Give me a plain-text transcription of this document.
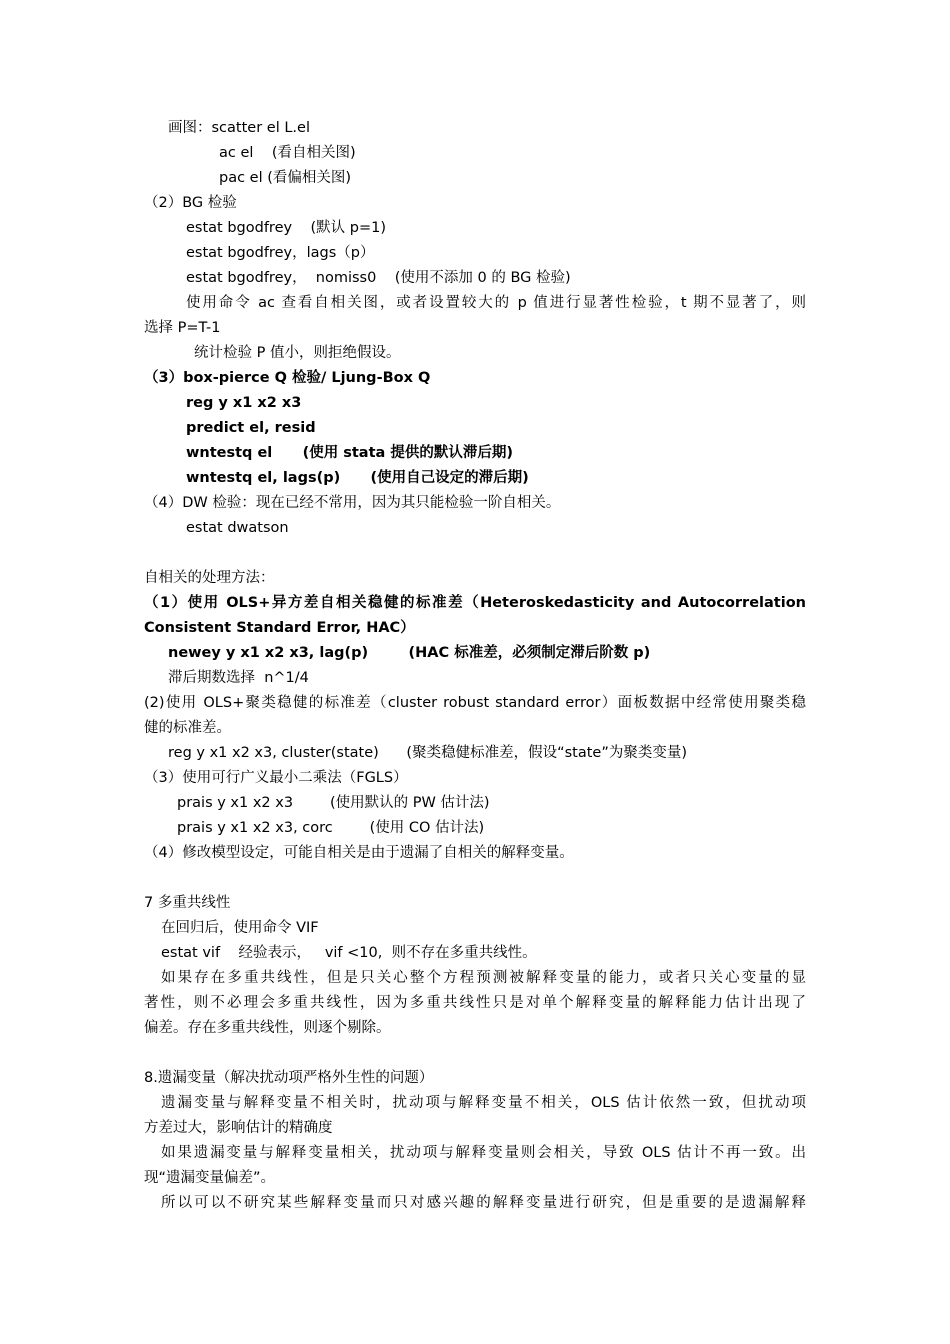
画图：scatter el L.el
ac el    (看自相关图)
pac el (看偏相关图)
（2）BG 检验
estat bgodfrey    (默认 p=1)
estat bgodfrey，lags（p）
estat bgodfrey，  nomiss0    (使用不添加 0 的 BG 检验)
使用命令 ac 查看自相关图，或者设置较大的 p 值进行显著性检验，t 期不显著了，则
选择 P=T-1
统计检验 P 值小，则拒绝假设。
（3）box-pierce Q 检验/ Ljung-Box Q
reg y x1 x2 x3
predict el, resid
wntestq el      (使用 stata 提供的默认滞后期)
wntestq el, lags(p)      (使用自己设定的滞后期)
（4）DW 检验：现在已经不常用，因为其只能检验一阶自相关。
estat dwatson
自相关的处理方法：
（1）使用 OLS+异方差自相关稳健的标准差（Heteroskedasticity and Autocorrelation
Consistent Standard Error, HAC）
newey y x1 x2 x3, lag(p)        (HAC 标准差，必须制定滞后阶数 p)
滞后期数选择  n^1/4
(2)使用 OLS+聚类稳健的标准差（cluster robust standard error）面板数据中经常使用聚类稳
健的标准差。
reg y x1 x2 x3, cluster(state)      (聚类稳健标准差，假设“state”为聚类变量)
（3）使用可行广义最小二乘法（FGLS）
prais y x1 x2 x3        (使用默认的 PW 估计法)
prais y x1 x2 x3, corc        (使用 CO 估计法)
（4）修改模型设定，可能自相关是由于遗漏了自相关的解释变量。
7 多重共线性
在回归后，使用命令 VIF
estat vif    经验表示，   vif <10,  则不存在多重共线性。
如果存在多重共线性，但是只关心整个方程预测被解释变量的能力，或者只关心变量的显
著性，则不必理会多重共线性，因为多重共线性只是对单个解释变量的解释能力估计出现了
偏差。存在多重共线性，则逐个剔除。
8.遗漏变量（解决扰动项严格外生性的问题）
遗漏变量与解释变量不相关时，扰动项与解释变量不相关，OLS 估计依然一致，但扰动项
方差过大，影响估计的精确度
如果遗漏变量与解释变量相关，扰动项与解释变量则会相关，导致 OLS 估计不再一致。出
现“遗漏变量偏差”。
所以可以不研究某些解释变量而只对感兴趣的解释变量进行研究，但是重要的是遗漏解释
